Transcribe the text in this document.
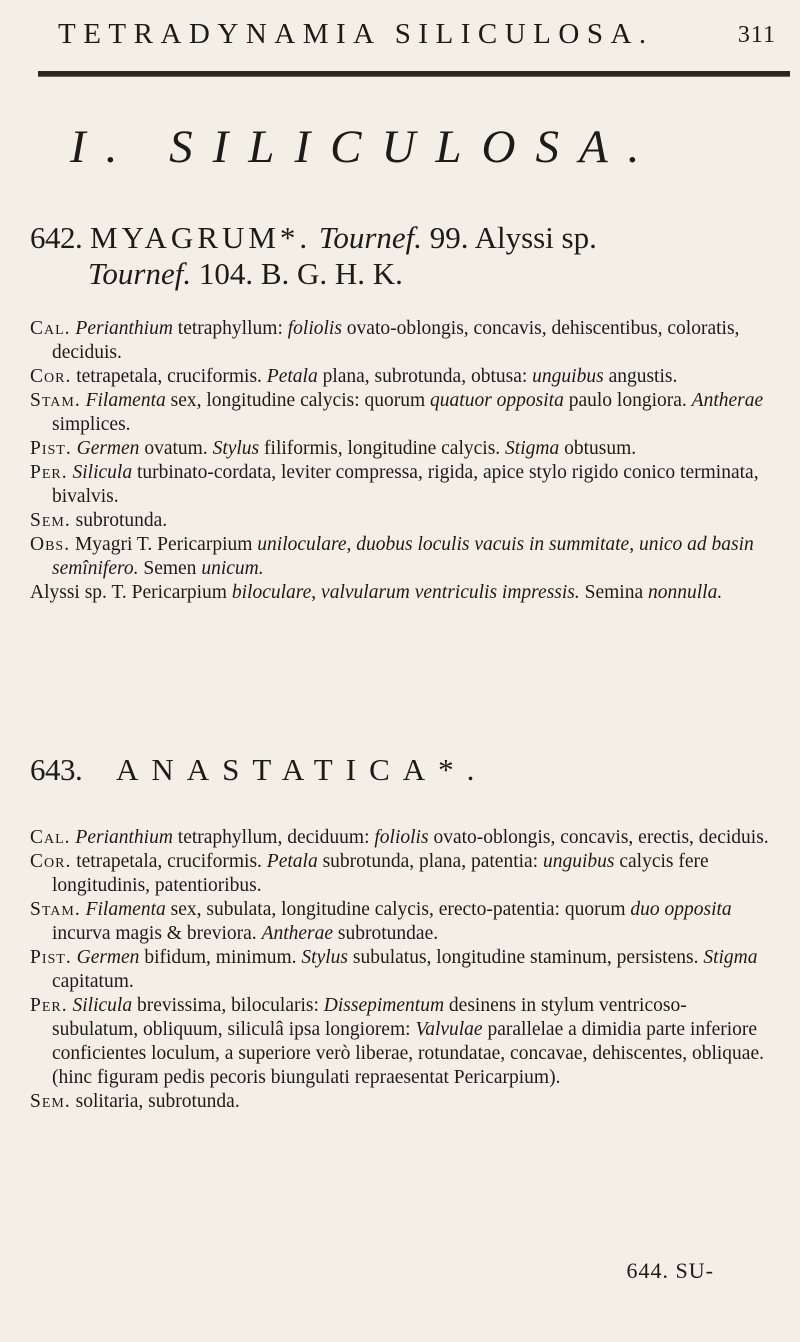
TETRADYNAMIA SILICULOSA.	311
I. SILICULOSA.
642. MYAGRUM*. Tournef. 99. Alyssi sp.
Tournef. 104. B. G. H. K.

Cal. Perianthium tetraphyllum: foliolis ovato-oblongis, concavis, dehiscentibus, coloratis, deciduis.

Cor. tetrapetala, cruciformis. Petala plana, subrotunda, obtusa: unguibus angustis.

Stam. Filamenta sex, longitudine calycis: quorum quatuor opposita paulo longiora. Antherae simplices.

Pist. Germen ovatum. Stylus filiformis, longitudine calycis. Stigma obtusum.

Per. Silicula turbinato-cordata, leviter compressa, rigida, apice stylo rigido conico terminata, bivalvis.

Sem. subrotunda.

Obs. Myagri T. Pericarpium uniloculare, duobus loculis vacuis in summitate, unico ad basin semînifero. Semen unicum.

Alyssi sp. T. Pericarpium biloculare, valvularum ventriculis impressis. Semina nonnulla.

643. ANASTATICA*.

Cal. Perianthium tetraphyllum, deciduum: foliolis ovato-oblongis, concavis, erectis, deciduis.

Cor. tetrapetala, cruciformis. Petala subrotunda, plana, patentia: unguibus calycis fere longitudinis, patentioribus.

Stam. Filamenta sex, subulata, longitudine calycis, erecto-patentia: quorum duo opposita incurva magis & breviora. Antherae subrotundae.

Pist. Germen bifidum, minimum. Stylus subulatus, longitudine staminum, persistens. Stigma capitatum.

Per. Silicula brevissima, bilocularis: Dissepimentum desinens in stylum ventricoso-subulatum, obliquum, siliculâ ipsa longiorem: Valvulae parallelae a dimidia parte inferiore conficientes loculum, a superiore verò liberae, rotundatae, concavae, dehiscentes, obliquae. (hinc figuram pedis pecoris biungulati repraesentat Pericarpium).

Sem. solitaria, subrotunda.

644. SU-
